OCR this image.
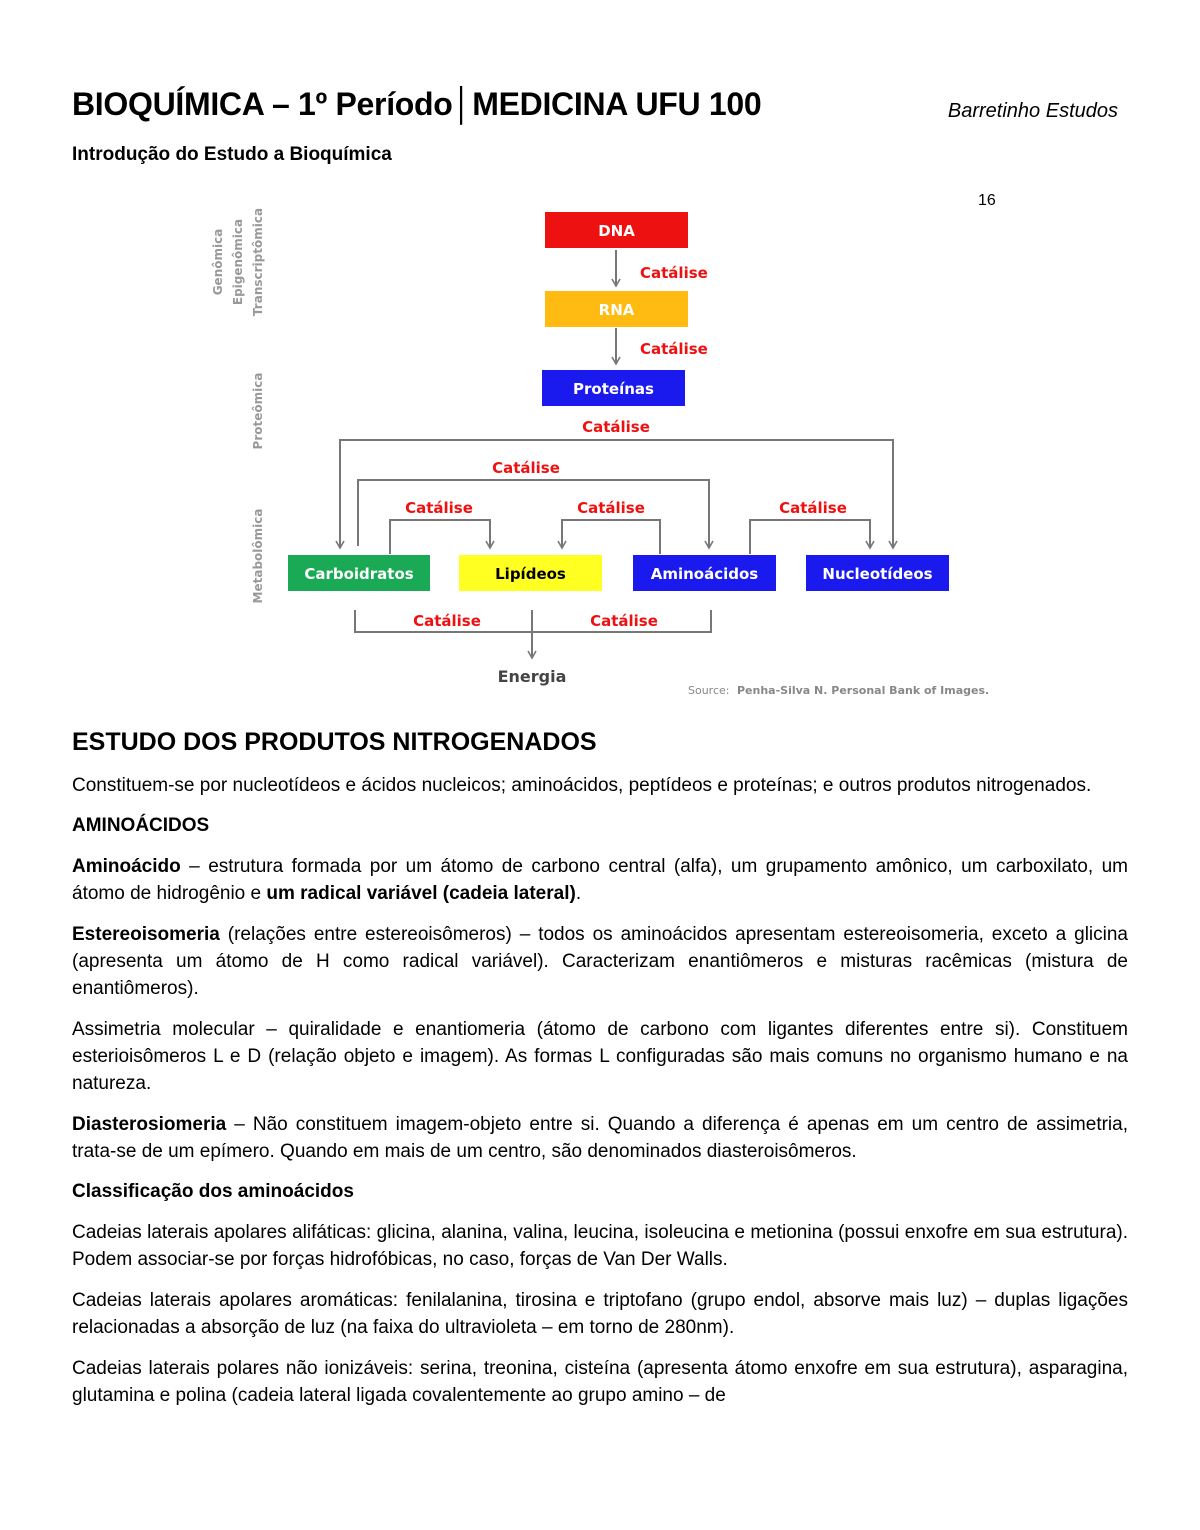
BIOQUÍMICA – 1º Período│MEDICINA UFU 100	Barretinho Estudos
Introdução do Estudo a Bioquímica
16
Genômica Epigenômica Transcriptômica
Proteômica
Metabolômica
DNA
RNA
Proteínas
Carboidratos	Lipídeos	Aminoácidos	Nucleotídeos
Catálise
Catálise
Catálise
Catálise
Catálise	Catálise	Catálise
Catálise	Catálise
Energia
Source: Penha-Silva N. Personal Bank of Images.
ESTUDO DOS PRODUTOS NITROGENADOS

Constituem-se por nucleotídeos e ácidos nucleicos; aminoácidos, peptídeos e proteínas; e outros produtos nitrogenados.

AMINOÁCIDOS

Aminoácido – estrutura formada por um átomo de carbono central (alfa), um grupamento amônico, um carboxilato, um átomo de hidrogênio e um radical variável (cadeia lateral).

Estereoisomeria (relações entre estereoisômeros) – todos os aminoácidos apresentam estereoisomeria, exceto a glicina (apresenta um átomo de H como radical variável). Caracterizam enantiômeros e misturas racêmicas (mistura de enantiômeros).

Assimetria molecular – quiralidade e enantiomeria (átomo de carbono com ligantes diferentes entre si). Constituem esterioisômeros L e D (relação objeto e imagem). As formas L configuradas são mais comuns no organismo humano e na natureza.

Diasterosiomeria – Não constituem imagem-objeto entre si. Quando a diferença é apenas em um centro de assimetria, trata-se de um epímero. Quando em mais de um centro, são denominados diasteroisômeros.

Classificação dos aminoácidos

Cadeias laterais apolares alifáticas: glicina, alanina, valina, leucina, isoleucina e metionina (possui enxofre em sua estrutura). Podem associar-se por forças hidrofóbicas, no caso, forças de Van Der Walls.

Cadeias laterais apolares aromáticas: fenilalanina, tirosina e triptofano (grupo endol, absorve mais luz) – duplas ligações relacionadas a absorção de luz (na faixa do ultravioleta – em torno de 280nm).

Cadeias laterais polares não ionizáveis: serina, treonina, cisteína (apresenta átomo enxofre em sua estrutura), asparagina, glutamina e polina (cadeia lateral ligada covalentemente ao grupo amino – de
